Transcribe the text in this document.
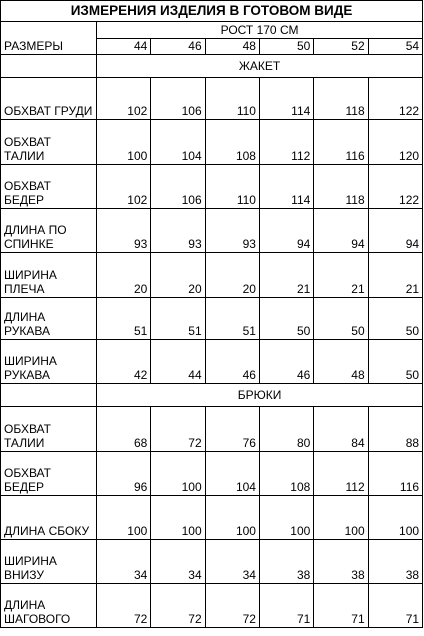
ИЗМЕРЕНИЯ ИЗДЕЛИЯ В ГОТОВОМ ВИДЕ						
РАЗМЕРЫ	РОСТ 170 СМ					
	44	46	48	50	52	54
	ЖАКЕТ					
ОБХВАТ ГРУДИ	102	106	110	114	118	122
ОБХВАТ ТАЛИИ	100	104	108	112	116	120
ОБХВАТ БЕДЕР	102	106	110	114	118	122
ДЛИНА ПО
СПИНКЕ	93	93	93	94	94	94
ШИРИНА
ПЛЕЧА	20	20	20	21	21	21
ДЛИНА РУКАВА	51	51	51	50	50	50
ШИРИНА
РУКАВА	42	44	46	46	48	50
	БРЮКИ					
ОБХВАТ ТАЛИИ	68	72	76	80	84	88
ОБХВАТ БЕДЕР	96	100	104	108	112	116
ДЛИНА СБОКУ	100	100	100	100	100	100
ШИРИНА
ВНИЗУ	34	34	34	38	38	38
ДЛИНА
ШАГОВОГО	72	72	72	71	71	71
